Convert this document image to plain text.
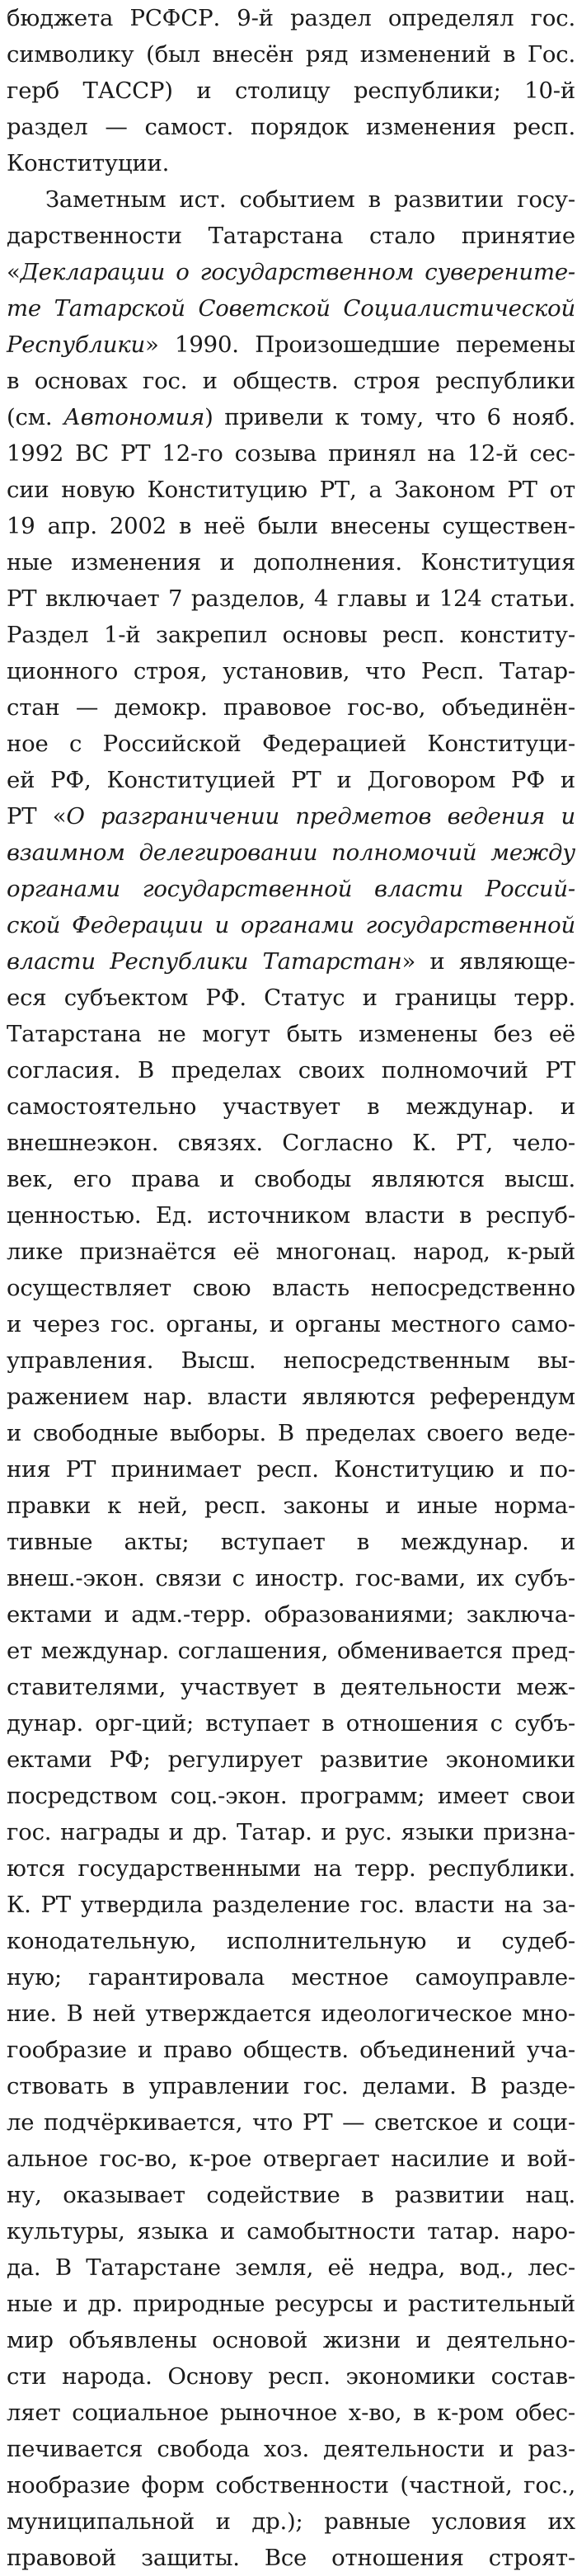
бюджета РСФСР. 9-й раздел определял гос.
символику (был внесён ряд изменений в Гос.
герб ТАССР) и столицу республики; 10-й
раздел — самост. порядок изменения респ.
Конституции.
Заметным ист. событием в развитии госу-
дарственности Татарстана стало принятие
«Декларации о государственном суверените-
те Татарской Советской Социалистической
Республики» 1990. Произошедшие перемены
в основах гос. и обществ. строя республики
(см. Автономия) привели к тому, что 6 нояб.
1992 ВС РТ 12-го созыва принял на 12-й сес-
сии новую Конституцию РТ, а Законом РТ от
19 апр. 2002 в неё были внесены существен-
ные изменения и дополнения. Конституция
РТ включает 7 разделов, 4 главы и 124 статьи.
Раздел 1-й закрепил основы респ. конститу-
ционного строя, установив, что Респ. Татар-
стан — демокр. правовое гос-во, объединён-
ное с Российской Федерацией Конституци-
ей РФ, Конституцией РТ и Договором РФ и
РТ «О разграничении предметов ведения и
взаимном делегировании полномочий между
органами государственной власти Россий-
ской Федерации и органами государственной
власти Республики Татарстан» и являюще-
еся субъектом РФ. Статус и границы терр.
Татарстана не могут быть изменены без её
согласия. В пределах своих полномочий РТ
самостоятельно участвует в междунар. и
внешнеэкон. связях. Согласно К. РТ, чело-
век, его права и свободы являются высш.
ценностью. Ед. источником власти в респуб-
лике признаётся её многонац. народ, к-рый
осуществляет свою власть непосредственно
и через гос. органы, и органы местного само-
управления. Высш. непосредственным вы-
ражением нар. власти являются референдум
и свободные выборы. В пределах своего веде-
ния РТ принимает респ. Конституцию и по-
правки к ней, респ. законы и иные норма-
тивные акты; вступает в междунар. и
внеш.-экон. связи с иностр. гос-вами, их субъ-
ектами и адм.-терр. образованиями; заключа-
ет междунар. соглашения, обменивается пред-
ставителями, участвует в деятельности меж-
дунар. орг-ций; вступает в отношения с субъ-
ектами РФ; регулирует развитие экономики
посредством соц.-экон. программ; имеет свои
гос. награды и др. Татар. и рус. языки призна-
ются государственными на терр. республики.
К. РТ утвердила разделение гос. власти на за-
конодательную, исполнительную и судеб-
ную; гарантировала местное самоуправле-
ние. В ней утверждается идеологическое мно-
гообразие и право обществ. объединений уча-
ствовать в управлении гос. делами. В разде-
ле подчёркивается, что РТ — светское и соци-
альное гос-во, к-рое отвергает насилие и вой-
ну, оказывает содействие в развитии нац.
культуры, языка и самобытности татар. наро-
да. В Татарстане земля, её недра, вод., лес-
ные и др. природные ресурсы и растительный
мир объявлены основой жизни и деятельно-
сти народа. Основу респ. экономики состав-
ляет социальное рыночное х-во, в к-ром обес-
печивается свобода хоз. деятельности и раз-
нообразие форм собственности (частной, гос.,
муниципальной и др.); равные условия их
правовой защиты. Все отношения строят-
